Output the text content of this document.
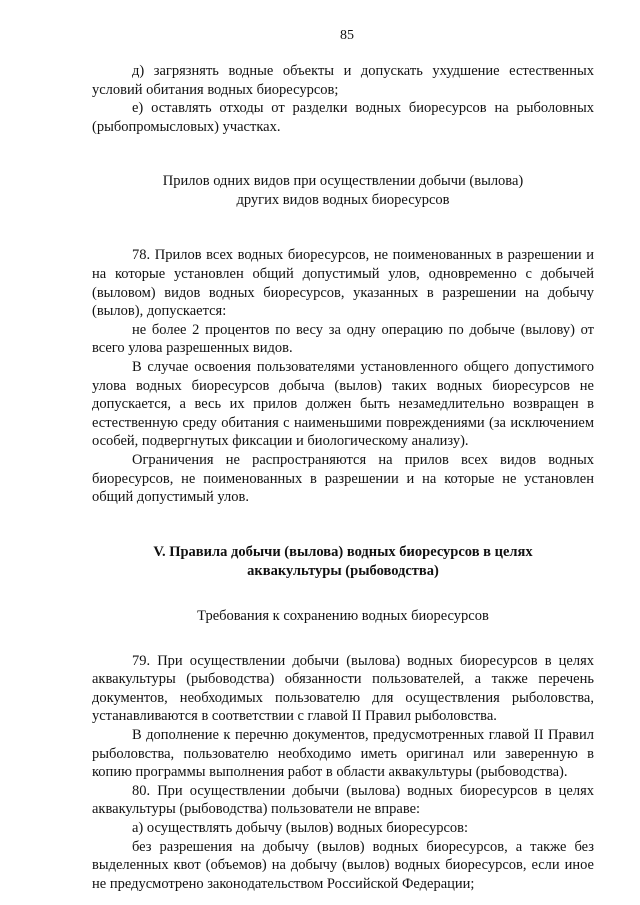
85

д) загрязнять водные объекты и допускать ухудшение естественных условий обитания водных биоресурсов;

е) оставлять отходы от разделки водных биоресурсов на рыболовных (рыбопромысловых) участках.

Прилов одних видов при осуществлении добычи (вылова)
других видов водных биоресурсов

78. Прилов всех водных биоресурсов, не поименованных в разрешении и на которые установлен общий допустимый улов, одновременно с добычей (выловом) видов водных биоресурсов, указанных в разрешении на добычу (вылов), допускается:

не более 2 процентов по весу за одну операцию по добыче (вылову) от всего улова разрешенных видов.

В случае освоения пользователями установленного общего допустимого улова водных биоресурсов добыча (вылов) таких водных биоресурсов не допускается, а весь их прилов должен быть незамедлительно возвращен в естественную среду обитания с наименьшими повреждениями (за исключением особей, подвергнутых фиксации и биологическому анализу).

Ограничения не распространяются на прилов всех видов водных биоресурсов, не поименованных в разрешении и на которые не установлен общий допустимый улов.

V. Правила добычи (вылова) водных биоресурсов в целях
аквакультуры (рыбоводства)
Требования к сохранению водных биоресурсов

79. При осуществлении добычи (вылова) водных биоресурсов в целях аквакультуры (рыбоводства) обязанности пользователей, а также перечень документов, необходимых пользователю для осуществления рыболовства, устанавливаются в соответствии с главой II Правил рыболовства.

В дополнение к перечню документов, предусмотренных главой II Правил рыболовства, пользователю необходимо иметь оригинал или заверенную в копию программы выполнения работ в области аквакультуры (рыбоводства).

80. При осуществлении добычи (вылова) водных биоресурсов в целях аквакультуры (рыбоводства) пользователи не вправе:

а) осуществлять добычу (вылов) водных биоресурсов:

без разрешения на добычу (вылов) водных биоресурсов, а также без выделенных квот (объемов) на добычу (вылов) водных биоресурсов, если иное не предусмотрено законодательством Российской Федерации;
